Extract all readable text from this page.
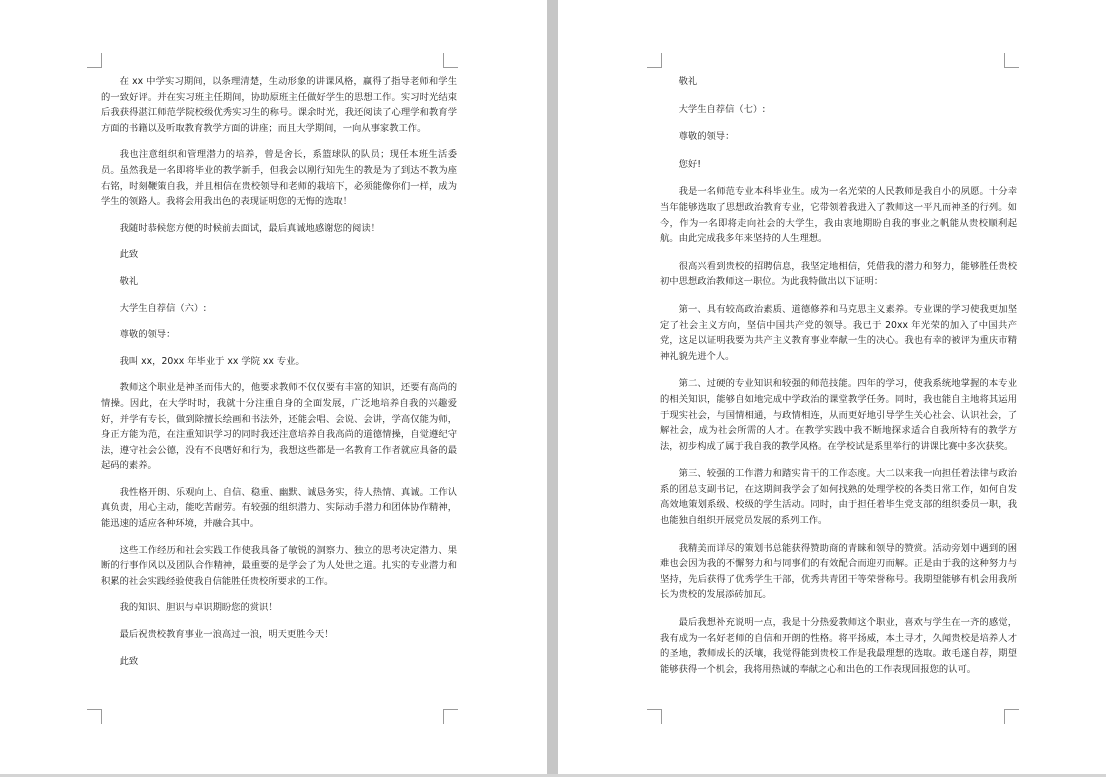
在 xx 中学实习期间，以条理清楚，生动形象的讲课风格，赢得了指导老师和学生的一致好评。并在实习班主任期间，协助原班主任做好学生的思想工作。实习时光结束后我获得湛江师范学院校级优秀实习生的称号。课余时光，我还阅读了心理学和教育学方面的书籍以及听取教育教学方面的讲座；而且大学期间，一向从事家教工作。

我也注意组织和管理潜力的培养，曾是舍长，系篮球队的队员；现任本班生活委员。虽然我是一名即将毕业的教学新手，但我会以刚行知先生的教是为了到达不教为座右铭，时刻鞭策自我，并且相信在贵校领导和老师的栽培下，必须能像你们一样，成为学生的领路人。我将会用我出色的表现证明您的无悔的选取！

我随时恭候您方便的时候前去面试，最后真诚地感谢您的阅读！

此致

敬礼

大学生自荐信（六）:

尊敬的领导：

我叫 xx，20xx 年毕业于 xx 学院 xx 专业。

教师这个职业是神圣而伟大的，他要求教师不仅仅要有丰富的知识，还要有高尚的情操。因此，在大学时时，我就十分注重自身的全面发展，广泛地培养自我的兴趣爱好，并学有专长，做到除擅长绘画和书法外，还能会唱、会说、会讲，学高仅能为师，身正方能为范，在注重知识学习的同时我还注意培养自我高尚的道德情操，自觉遵纪守法，遵守社会公德，没有不良嗜好和行为，我想这些都是一名教育工作者就应具备的最起码的素养。

我性格开朗、乐观向上、自信、稳重、幽默、诚恳务实，待人热情、真诚。工作认真负责，用心主动，能吃苦耐劳。有较强的组织潜力、实际动手潜力和团体协作精神，能迅速的适应各种环境，并融合其中。

这些工作经历和社会实践工作使我具备了敏锐的洞察力、独立的思考决定潜力、果断的行事作风以及团队合作精神，最重要的是学会了为人处世之道。扎实的专业潜力和积累的社会实践经验使我自信能胜任贵校所要求的工作。

我的知识、胆识与卓识期盼您的赏识！

最后祝贵校教育事业一浪高过一浪，明天更胜今天！

此致

敬礼

大学生自荐信（七）:

尊敬的领导：

您好!

我是一名师范专业本科毕业生。成为一名光荣的人民教师是我自小的夙愿。十分幸当年能够选取了思想政治教育专业，它带领着我进入了教师这一平凡而神圣的行列。如今，作为一名即将走向社会的大学生，我由衷地期盼自我的事业之帆能从贵校顺利起航。由此完成我多年来坚持的人生理想。

很高兴看到贵校的招聘信息，我坚定地相信，凭借我的潜力和努力，能够胜任贵校初中思想政治教师这一职位。为此我特做出以下证明：

第一、具有较高政治素质、道德修养和马克思主义素养。专业课的学习使我更加坚定了社会主义方向，坚信中国共产党的领导。我已于 20xx 年光荣的加入了中国共产党，这足以证明我要为共产主义教育事业奉献一生的决心。我也有幸的被评为重庆市精神礼貌先进个人。

第二、过硬的专业知识和较强的师范技能。四年的学习，使我系统地掌握的本专业的相关知识，能够自如地完成中学政治的课堂教学任务。同时，我也能自主地将其运用于现实社会，与国情相通，与政情相连，从而更好地引导学生关心社会、认识社会，了解社会，成为社会所需的人才。在教学实践中我不断地探求适合自我所特有的教学方法，初步构成了属于我自我的教学风格。在学校试是系里举行的讲课比赛中多次获奖。

第三、较强的工作潜力和踏实肯干的工作态度。大二以来我一向担任着法律与政治系的团总支副书记，在这期间我学会了如何找熟的处理学校的各类日常工作，如何自发高效地策划系级、校级的学生活动。同时，由于担任着毕生党支部的组织委员一职，我也能独自组织开展党员发展的系列工作。

我精美而详尽的策划书总能获得赞助商的青睐和领导的赞赏。活动旁划中遇到的困难也会因为我的不懈努力和与同事们的有效配合而迎刃而解。正是由于我的这种努力与坚持，先后获得了优秀学生干部，优秀共青团干等荣誉称号。我期望能够有机会用我所长为贵校的发展添砖加瓦。

最后我想补充说明一点，我是十分热爱教师这个职业，喜欢与学生在一齐的感觉，我有成为一名好老师的自信和开朗的性格。将平扬威，本土寻才，久闻贵校是培养人才的圣地，教师成长的沃壤，我觉得能到贵校工作是我最理想的选取。敢毛遂自荐，期望能够获得一个机会，我将用热诚的奉献之心和出色的工作表现回报您的认可。
